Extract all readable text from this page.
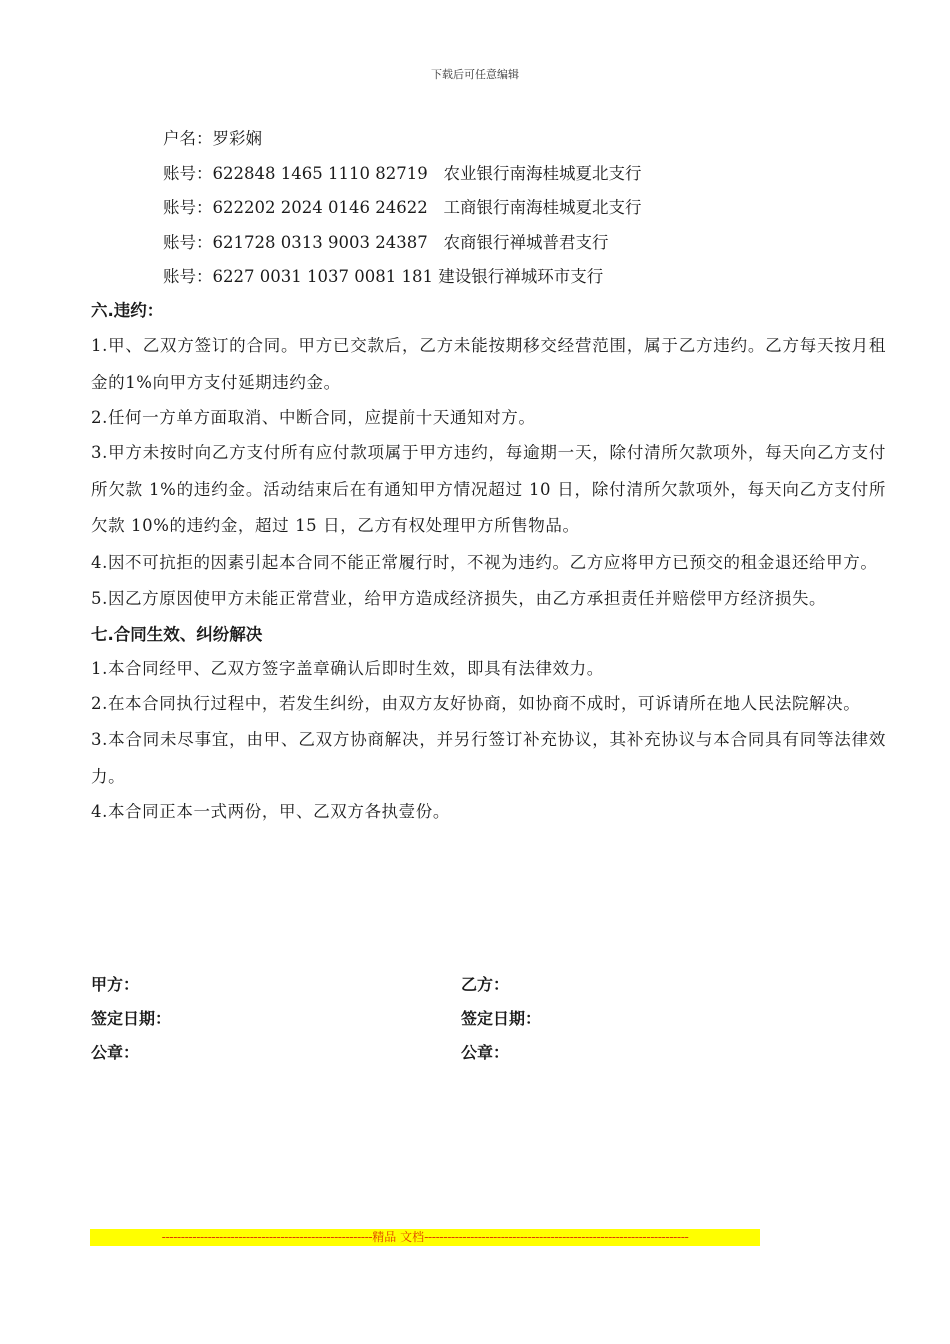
下载后可任意编辑
户名：罗彩娴
账号：622848 1465 1110 82719 农业银行南海桂城夏北支行
账号：622202 2024 0146 24622 工商银行南海桂城夏北支行
账号：621728 0313 9003 24387 农商银行禅城普君支行
账号：6227 0031 1037 0081 181 建设银行禅城环市支行
六.违约：
1.甲、乙双方签订的合同。甲方已交款后，乙方未能按期移交经营范围，属于乙方违约。乙方每天按月租金的1%向甲方支付延期违约金。
2.任何一方单方面取消、中断合同，应提前十天通知对方。
3.甲方未按时向乙方支付所有应付款项属于甲方违约，每逾期一天，除付清所欠款项外，每天向乙方支付所欠款 1%的违约金。活动结束后在有通知甲方情况超过 10 日，除付清所欠款项外，每天向乙方支付所欠款 10%的违约金，超过 15 日，乙方有权处理甲方所售物品。
4.因不可抗拒的因素引起本合同不能正常履行时，不视为违约。乙方应将甲方已预交的租金退还给甲方。
5.因乙方原因使甲方未能正常营业，给甲方造成经济损失，由乙方承担责任并赔偿甲方经济损失。
七.合同生效、纠纷解决
1.本合同经甲、乙双方签字盖章确认后即时生效，即具有法律效力。
2.在本合同执行过程中，若发生纠纷，由双方友好协商，如协商不成时，可诉请所在地人民法院解决。
3.本合同未尽事宜，由甲、乙双方协商解决，并另行签订补充协议，其补充协议与本合同具有同等法律效力。
4.本合同正本一式两份，甲、乙双方各执壹份。
甲方：	乙方：
签定日期：	签定日期：
公章：	公章：
-------------------------------------------------------精品 文档---------------------------------------------------------------------
